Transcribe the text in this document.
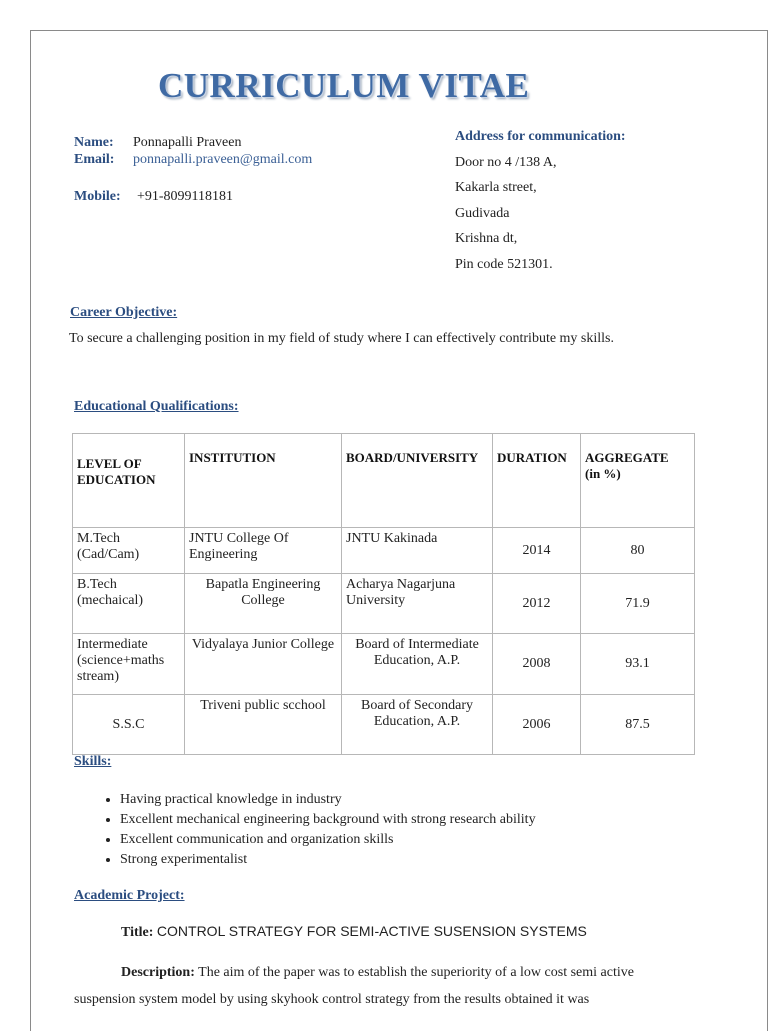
CURRICULUM VITAE
Name: Ponnapalli Praveen
Email: ponnapalli.praveen@gmail.com
Mobile: +91-8099118181
Address for communication:
Door no 4 /138 A,
Kakarla street,
Gudivada
Krishna dt,
Pin code 521301.
Career Objective:
To secure a challenging position in my field of study where I can effectively contribute my skills.
Educational Qualifications:
LEVEL OF EDUCATION	INSTITUTION	BOARD/UNIVERSITY	DURATION	AGGREGATE
(in %)
M.Tech (Cad/Cam)	JNTU College Of Engineering	JNTU Kakinada	2014	80
B.Tech (mechaical)	Bapatla Engineering College	Acharya Nagarjuna University	2012	71.9
Intermediate (science+maths stream)	Vidyalaya Junior College	Board of Intermediate Education, A.P.	2008	93.1
S.S.C	Triveni public scchool	Board of Secondary Education, A.P.	2006	87.5
Skills:
• Having practical knowledge in industry
• Excellent mechanical engineering background with strong research ability
• Excellent communication and organization skills
• Strong experimentalist
Academic Project:
Title: CONTROL STRATEGY FOR SEMI-ACTIVE SUSENSION SYSTEMS
Description: The aim of the paper was to establish the superiority of a low cost semi active
suspension system model by using skyhook control strategy from the results obtained it was
